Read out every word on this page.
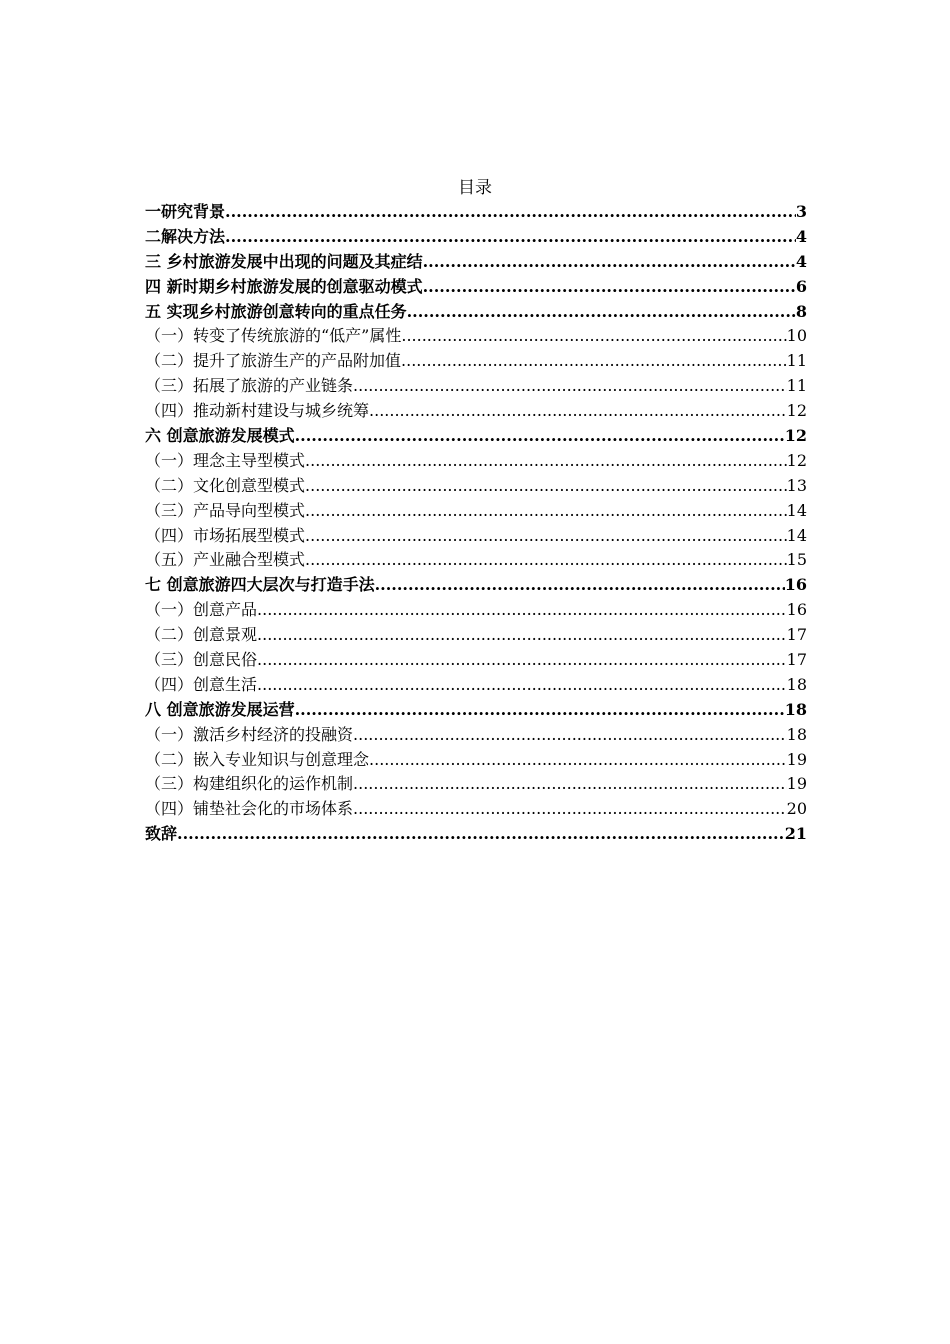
目录
一研究背景 .....	3
二解决方法 .....	4
三 乡村旅游发展中出现的问题及其症结 .....	4
四 新时期乡村旅游发展的创意驱动模式 .....	6
五 实现乡村旅游创意转向的重点任务 .....	8
（一）转变了传统旅游的“低产”属性 .....	10
（二）提升了旅游生产的产品附加值 .....	11
（三）拓展了旅游的产业链条 .....	11
（四）推动新村建设与城乡统筹 .....	12
六 创意旅游发展模式 .....	12
（一）理念主导型模式 .....	12
（二）文化创意型模式 .....	13
（三）产品导向型模式 .....	14
（四）市场拓展型模式 .....	14
（五）产业融合型模式 .....	15
七 创意旅游四大层次与打造手法 .....	16
（一）创意产品 .....	16
（二）创意景观 .....	17
（三）创意民俗 .....	17
（四）创意生活 .....	18
八 创意旅游发展运营 .....	18
（一）激活乡村经济的投融资 .....	18
（二）嵌入专业知识与创意理念 .....	19
（三）构建组织化的运作机制 .....	19
（四）铺垫社会化的市场体系 .....	20
致辞 .....	21
